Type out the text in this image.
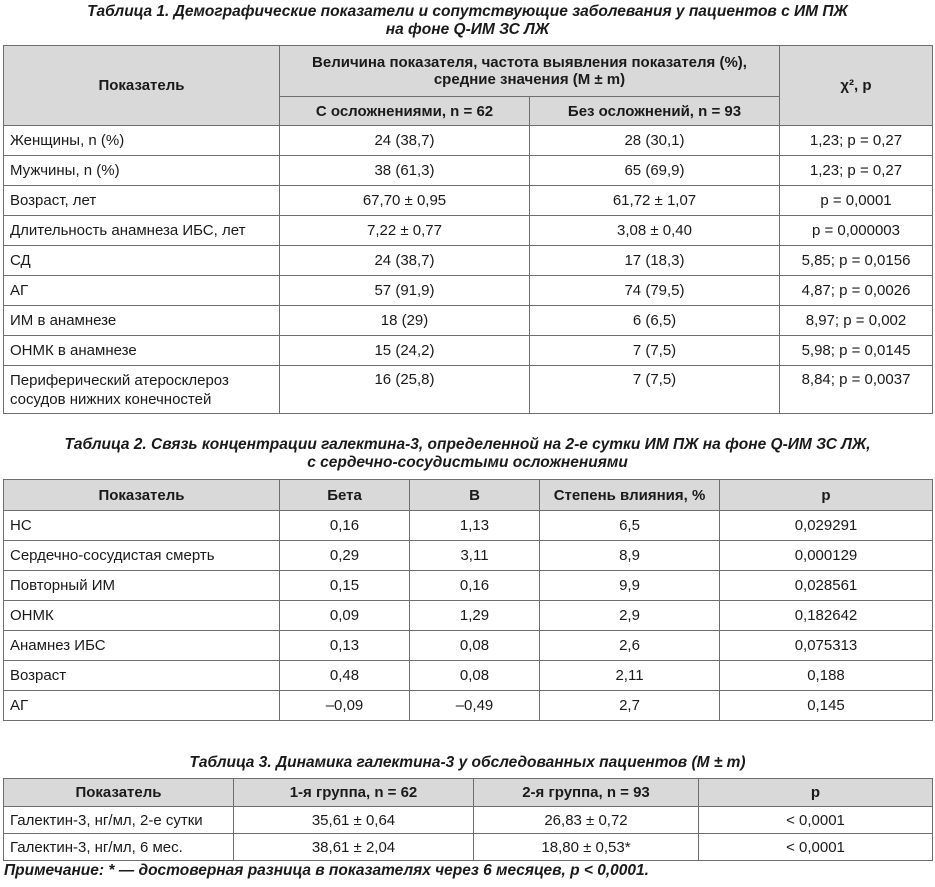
Таблица 1. Демографические показатели и сопутствующие заболевания у пациентов с ИМ ПЖ
на фоне Q-ИМ ЗС ЛЖ
Показатель	Величина показателя, частота выявления показателя (%), средние значения (M ± m)		χ², р
	С осложнениями, n = 62	Без осложнений, n = 93	
Женщины, n (%)	24 (38,7)	28 (30,1)	1,23; p = 0,27
Мужчины, n (%)	38 (61,3)	65 (69,9)	1,23; p = 0,27
Возраст, лет	67,70 ± 0,95	61,72 ± 1,07	p = 0,0001
Длительность анамнеза ИБС, лет	7,22 ± 0,77	3,08 ± 0,40	p = 0,000003
СД	24 (38,7)	17 (18,3)	5,85; p = 0,0156
АГ	57 (91,9)	74 (79,5)	4,87; p = 0,0026
ИМ в анамнезе	18 (29)	6 (6,5)	8,97; p = 0,002
ОНМК в анамнезе	15 (24,2)	7 (7,5)	5,98; p = 0,0145
Периферический атеросклероз сосудов нижних конечностей	16 (25,8)	7 (7,5)	8,84; p = 0,0037
Таблица 2. Связь концентрации галектина-3, определенной на 2-е сутки ИМ ПЖ на фоне Q-ИМ ЗС ЛЖ,
с сердечно-сосудистыми осложнениями
Показатель	Бета	B	Степень влияния, %	p
НС	0,16	1,13	6,5	0,029291
Сердечно-сосудистая смерть	0,29	3,11	8,9	0,000129
Повторный ИМ	0,15	0,16	9,9	0,028561
ОНМК	0,09	1,29	2,9	0,182642
Анамнез ИБС	0,13	0,08	2,6	0,075313
Возраст	0,48	0,08	2,11	0,188
АГ	–0,09	–0,49	2,7	0,145
Таблица 3. Динамика галектина-3 у обследованных пациентов (M ± m)
Показатель	1-я группа, n = 62	2-я группа, n = 93	p
Галектин-3, нг/мл, 2-е сутки	35,61 ± 0,64	26,83 ± 0,72	< 0,0001
Галектин-3, нг/мл, 6 мес.	38,61 ± 2,04	18,80 ± 0,53*	< 0,0001
Примечание: * — достоверная разница в показателях через 6 месяцев, р < 0,0001.
